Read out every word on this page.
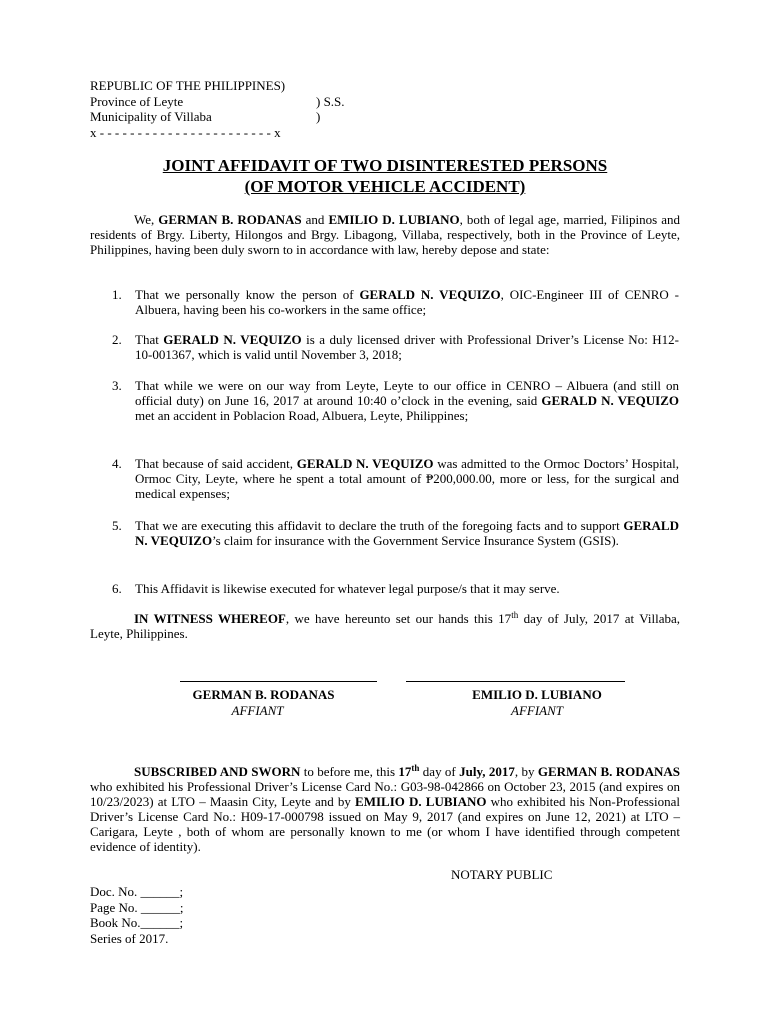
REPUBLIC OF THE PHILIPPINES)
Province of Leyte	) S.S.
Municipality of Villaba	)
x - - - - - - - - - - - - - - - - - - - - - - - x
JOINT AFFIDAVIT OF TWO DISINTERESTED PERSONS
(OF MOTOR VEHICLE ACCIDENT)
We, GERMAN B. RODANAS and EMILIO D. LUBIANO, both of legal age, married, Filipinos and residents of Brgy. Liberty, Hilongos and Brgy. Libagong, Villaba, respectively, both in the Province of Leyte, Philippines, having been duly sworn to in accordance with law, hereby depose and state:
1. That we personally know the person of GERALD N. VEQUIZO, OIC-Engineer III of CENRO - Albuera, having been his co-workers in the same office;
2. That GERALD N. VEQUIZO is a duly licensed driver with Professional Driver’s License No: H12-10-001367, which is valid until November 3, 2018;
3. That while we were on our way from Leyte, Leyte to our office in CENRO – Albuera (and still on official duty) on June 16, 2017 at around 10:40 o’clock in the evening, said GERALD N. VEQUIZO met an accident in Poblacion Road, Albuera, Leyte, Philippines;
4. That because of said accident, GERALD N. VEQUIZO was admitted to the Ormoc Doctors’ Hospital, Ormoc City, Leyte, where he spent a total amount of ₱200,000.00, more or less, for the surgical and medical expenses;
5. That we are executing this affidavit to declare the truth of the foregoing facts and to support GERALD N. VEQUIZO’s claim for insurance with the Government Service Insurance System (GSIS).
6. This Affidavit is likewise executed for whatever legal purpose/s that it may serve.
IN WITNESS WHEREOF, we have hereunto set our hands this 17th day of July, 2017 at Villaba, Leyte, Philippines.
GERMAN B. RODANAS
AFFIANT
EMILIO D. LUBIANO
AFFIANT
SUBSCRIBED AND SWORN to before me, this 17th day of July, 2017, by GERMAN B. RODANAS who exhibited his Professional Driver’s License Card No.: G03-98-042866 on October 23, 2015 (and expires on 10/23/2023) at LTO – Maasin City, Leyte and by EMILIO D. LUBIANO who exhibited his Non-Professional Driver’s License Card No.: H09-17-000798 issued on May 9, 2017 (and expires on June 12, 2021) at LTO – Carigara, Leyte , both of whom are personally known to me (or whom I have identified through competent evidence of identity).
NOTARY PUBLIC
Doc. No. ______;
Page No. ______;
Book No.______;
Series of 2017.
